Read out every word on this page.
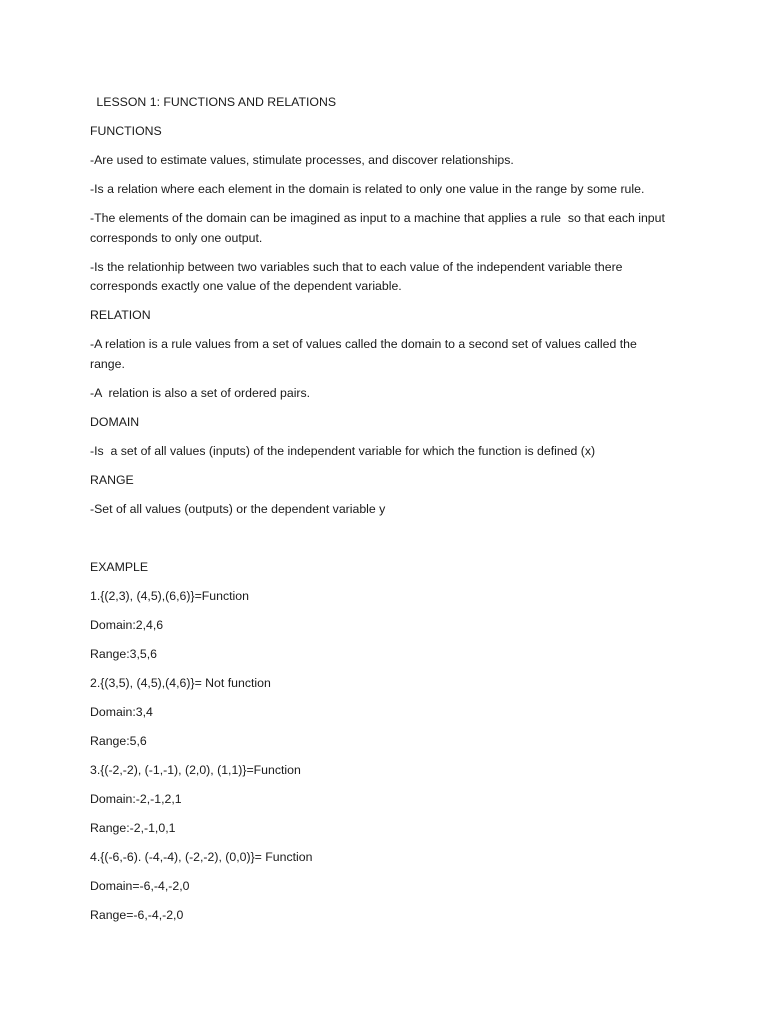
LESSON 1: FUNCTIONS AND RELATIONS

FUNCTIONS

-Are used to estimate values, stimulate processes, and discover relationships.

-Is a relation where each element in the domain is related to only one value in the range by some rule.

-The elements of the domain can be imagined as input to a machine that applies a rule  so that each input corresponds to only one output.

-Is the relationhip between two variables such that to each value of the independent variable there corresponds exactly one value of the dependent variable.

RELATION

-A relation is a rule values from a set of values called the domain to a second set of values called the range.

-A  relation is also a set of ordered pairs.

DOMAIN

-Is  a set of all values (inputs) of the independent variable for which the function is defined (x)

RANGE

-Set of all values (outputs) or the dependent variable y

EXAMPLE

1.{(2,3), (4,5),(6,6)}=Function

Domain:2,4,6

Range:3,5,6

2.{(3,5), (4,5),(4,6)}= Not function

Domain:3,4

Range:5,6

3.{(-2,-2), (-1,-1), (2,0), (1,1)}=Function

Domain:-2,-1,2,1

Range:-2,-1,0,1

4.{(-6,-6). (-4,-4), (-2,-2), (0,0)}= Function

Domain=-6,-4,-2,0

Range=-6,-4,-2,0
